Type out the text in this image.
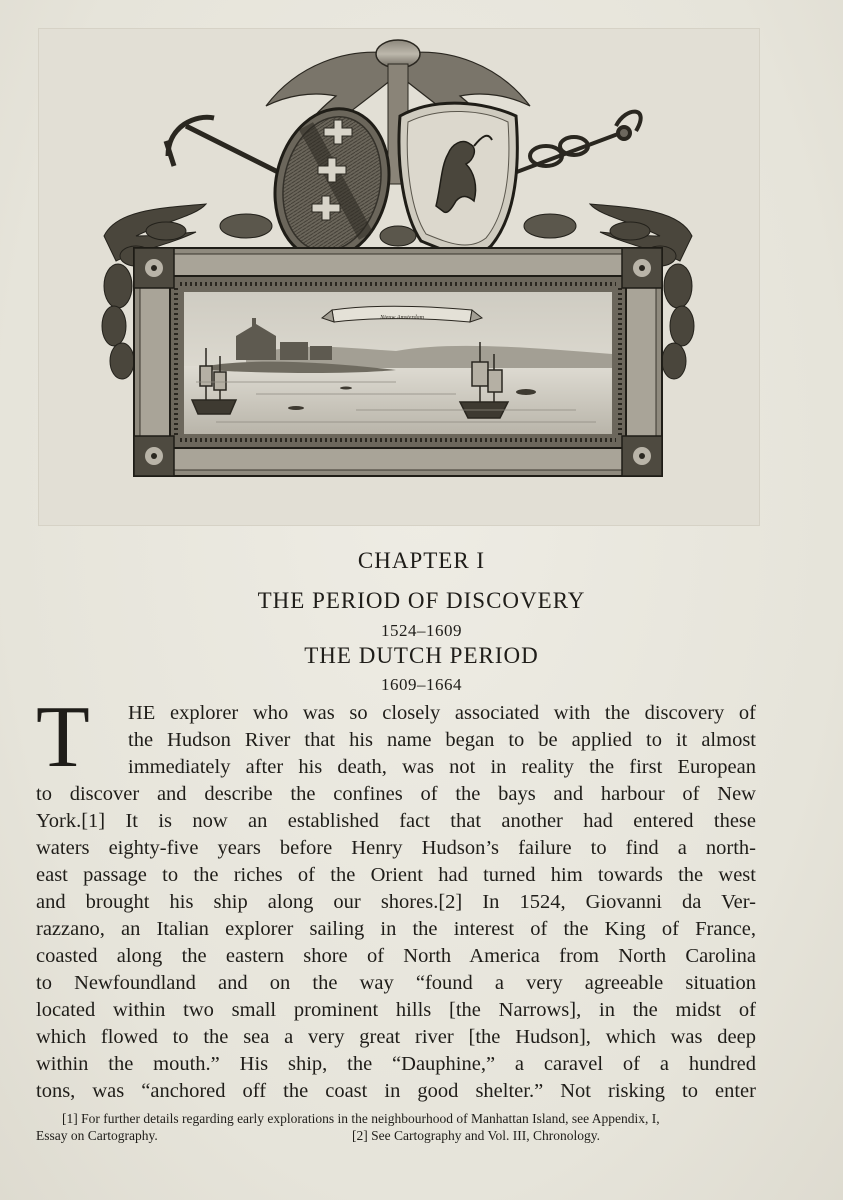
Nieuw Amsterdam
CHAPTER I
THE PERIOD OF DISCOVERY
1524–1609
THE DUTCH PERIOD
1609–1664
T HE explorer who was so closely associated with the discovery of
the Hudson River that his name began to be applied to it almost
immediately after his death, was not in reality the first European
to discover and describe the confines of the bays and harbour of New
York.[1] It is now an established fact that another had entered these
waters eighty-five years before Henry Hudson’s failure to find a north-
east passage to the riches of the Orient had turned him towards the west
and brought his ship along our shores.[2] In 1524, Giovanni da Ver-
razzano, an Italian explorer sailing in the interest of the King of France,
coasted along the eastern shore of North America from North Carolina
to Newfoundland and on the way “found a very agreeable situation
located within two small prominent hills [the Narrows], in the midst of
which flowed to the sea a very great river [the Hudson], which was deep
within the mouth.” His ship, the “Dauphine,” a caravel of a hundred
tons, was “anchored off the coast in good shelter.” Not risking to enter
[1] For further details regarding early explorations in the neighbourhood of Manhattan Island, see Appendix, I,
Essay on Cartography.	[2] See Cartography and Vol. III, Chronology.
